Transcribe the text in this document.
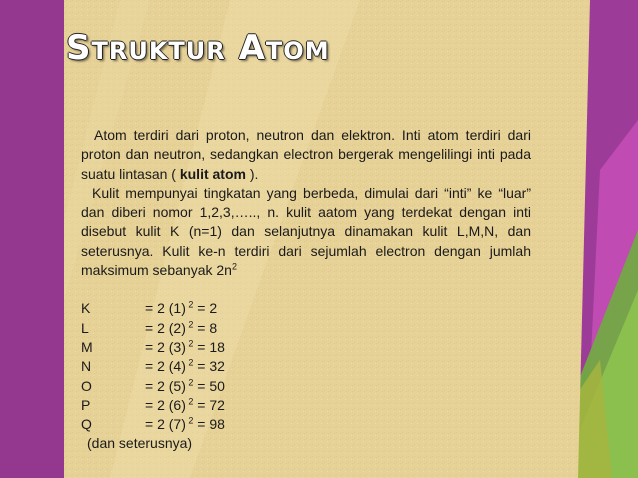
Struktur Atom

Atom terdiri dari proton, neutron dan elektron. Inti atom terdiri dari proton dan neutron, sedangkan electron bergerak mengelilingi inti pada suatu lintasan ( kulit atom ).

Kulit mempunyai tingkatan yang berbeda, dimulai dari “inti” ke “luar” dan diberi nomor 1,2,3,….., n. kulit aatom yang terdekat dengan inti disebut kulit K (n=1) dan selanjutnya dinamakan kulit L,M,N, dan seterusnya. Kulit ke-n terdiri dari sejumlah electron dengan jumlah maksimum sebanyak $2n^2$

K	= 2 (1) $^2$ = 2
L	= 2 (2) $^2$ = 8
M	= 2 (3) $^2$ = 18
N	= 2 (4) $^2$ = 32
O	= 2 (5) $^2$ = 50
P	= 2 (6) $^2$ = 72
Q	= 2 (7) $^2$ = 98
(dan seterusnya)
